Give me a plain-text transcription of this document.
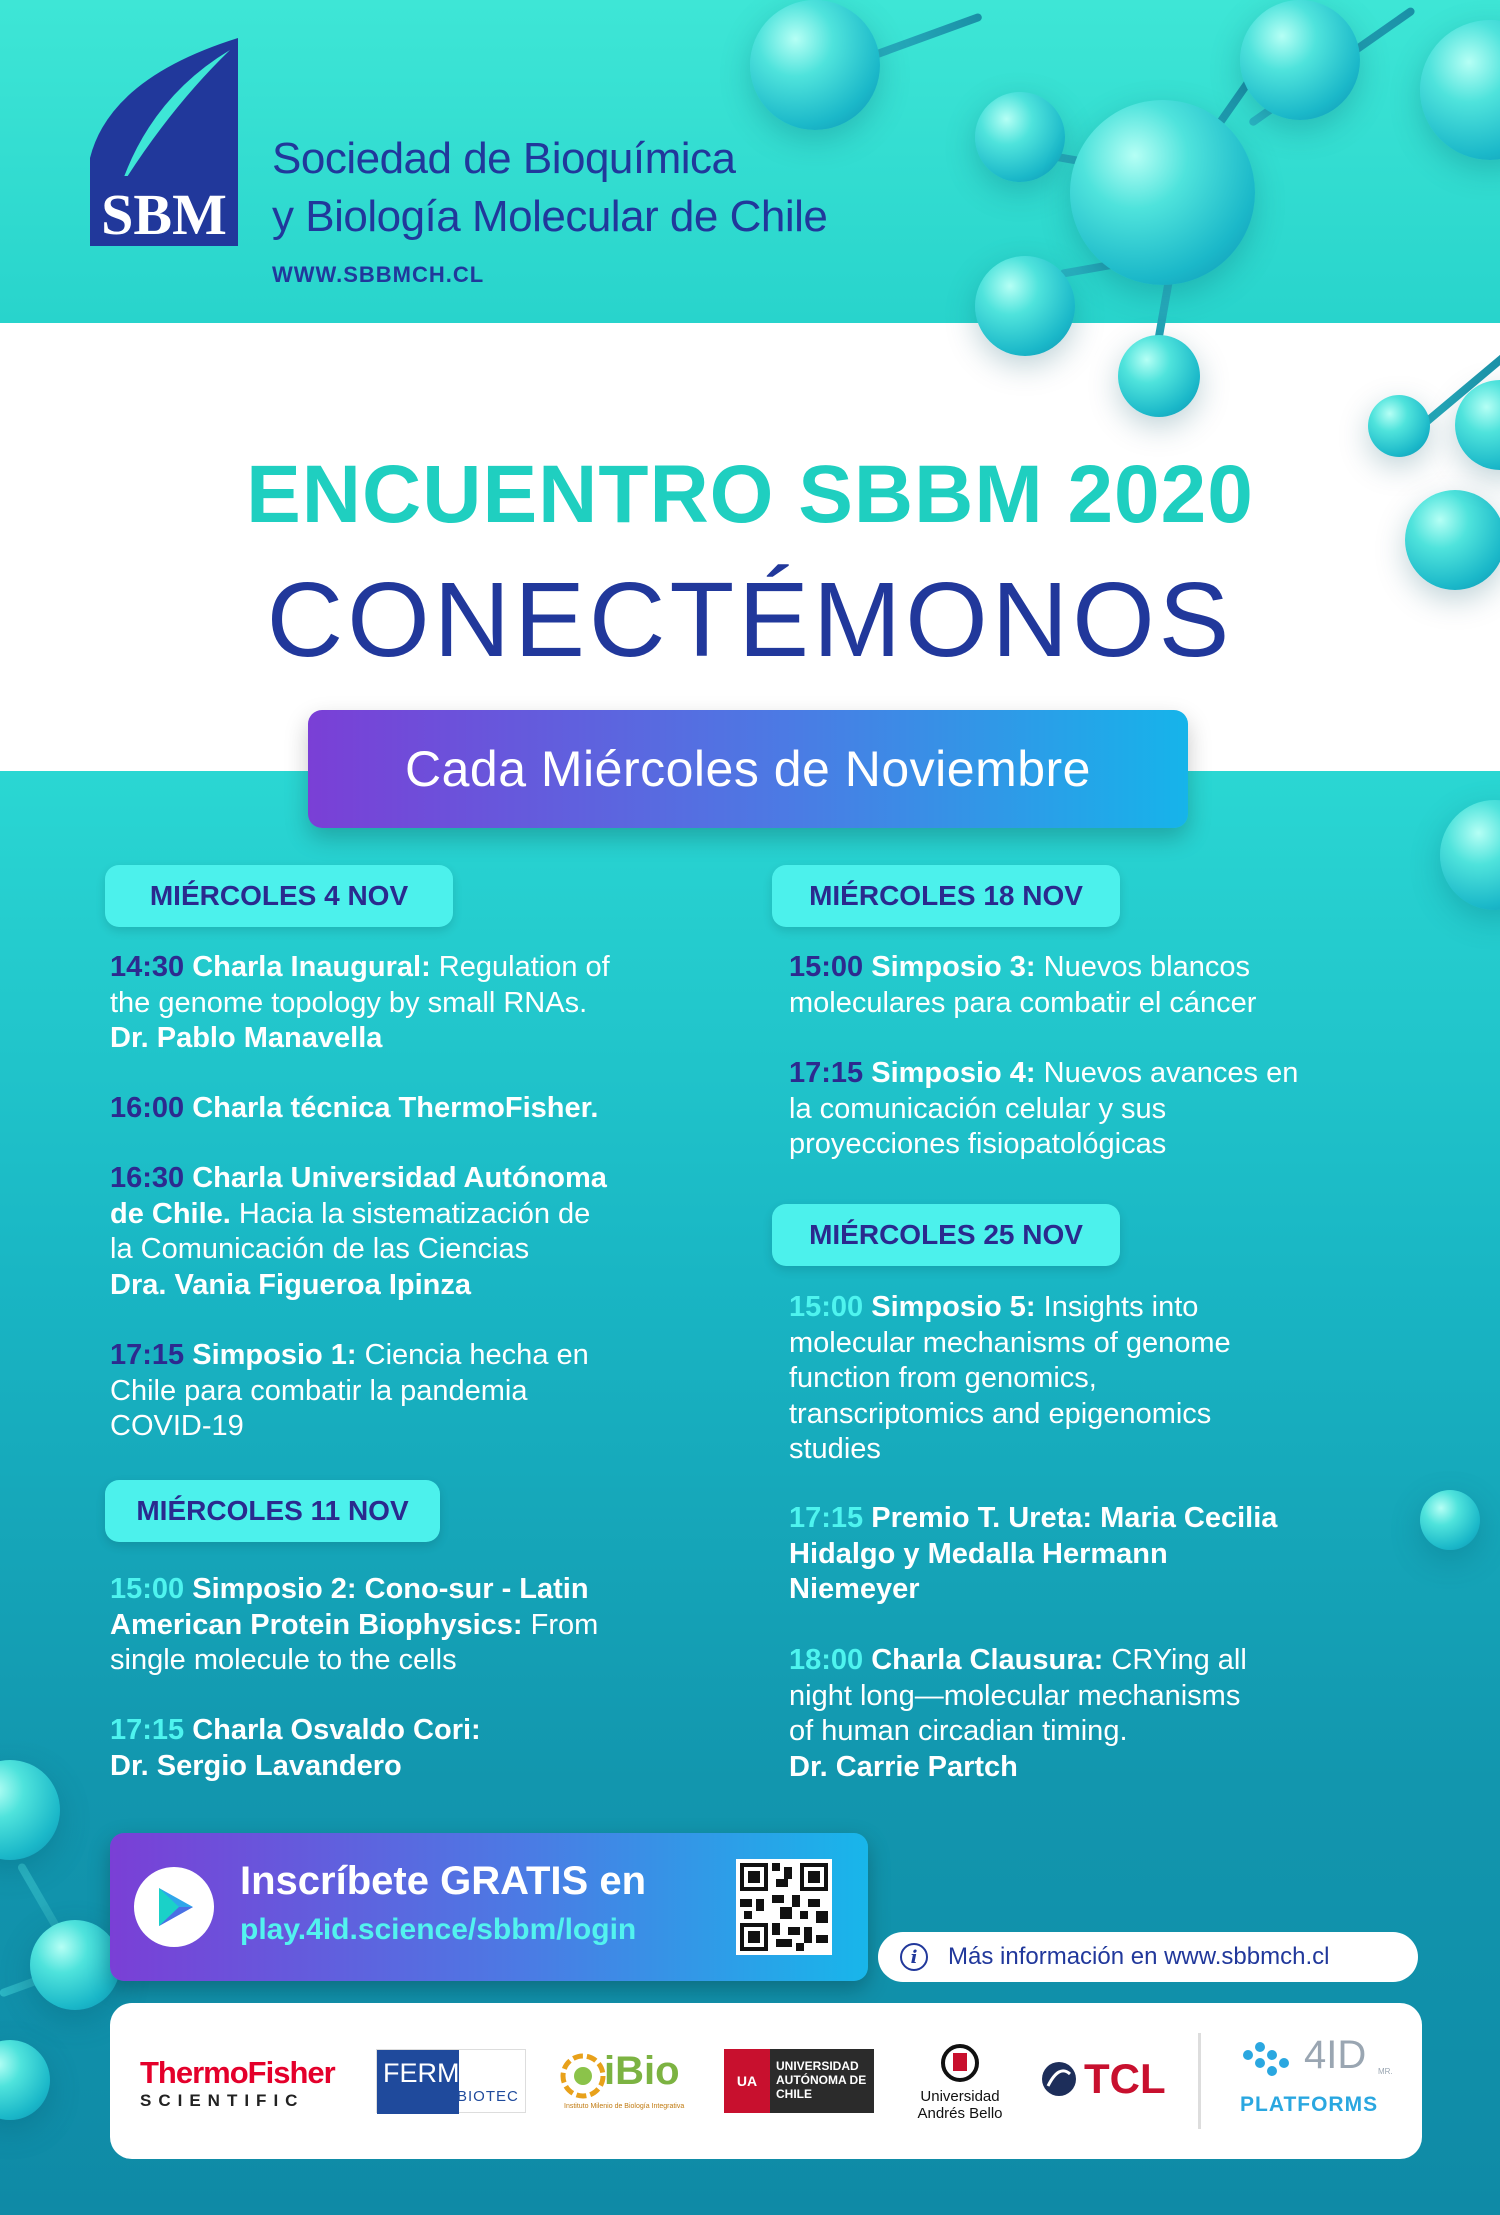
SBM
Sociedad de Bioquímica
y Biología Molecular de Chile
WWW.SBBMCH.CL
ENCUENTRO SBBM 2020
CONECTÉMONOS
Cada Miércoles de Noviembre
MIÉRCOLES 4 NOV
14:30 Charla Inaugural: Regulation of
the genome topology by small RNAs.
Dr. Pablo Manavella
16:00 Charla técnica ThermoFisher.
16:30 Charla Universidad Autónoma
de Chile. Hacia la sistematización de
la Comunicación de las Ciencias
Dra. Vania Figueroa Ipinza
17:15 Simposio 1: Ciencia hecha en
Chile para combatir la pandemia
COVID-19
MIÉRCOLES 11 NOV
15:00 Simposio 2: Cono-sur - Latin
American Protein Biophysics: From
single molecule to the cells
17:15 Charla Osvaldo Cori:
Dr. Sergio Lavandero
MIÉRCOLES 18 NOV
15:00 Simposio 3: Nuevos blancos
moleculares para combatir el cáncer
17:15 Simposio 4: Nuevos avances en
la comunicación celular y sus
proyecciones fisiopatológicas
MIÉRCOLES 25 NOV
15:00 Simposio 5: Insights into
molecular mechanisms of genome
function from genomics,
transcriptomics and epigenomics
studies
17:15 Premio T. Ureta: Maria Cecilia
Hidalgo y Medalla Hermann
Niemeyer
18:00 Charla Clausura: CRYing all
night long—molecular mechanisms
of human circadian timing.
Dr. Carrie Partch
Inscríbete GRATIS en
play.4id.science/sbbm/login
i	Más información en www.sbbmch.cl
ThermoFisher
SCIENTIFIC
FERMELO
BIOTEC
iBio
Instituto Milenio de Biología Integrativa
UA
UNIVERSIDAD AUTÓNOMA DE CHILE	Universidad
Andrés Bello
TCL	4ID MR.
PLATFORMS
